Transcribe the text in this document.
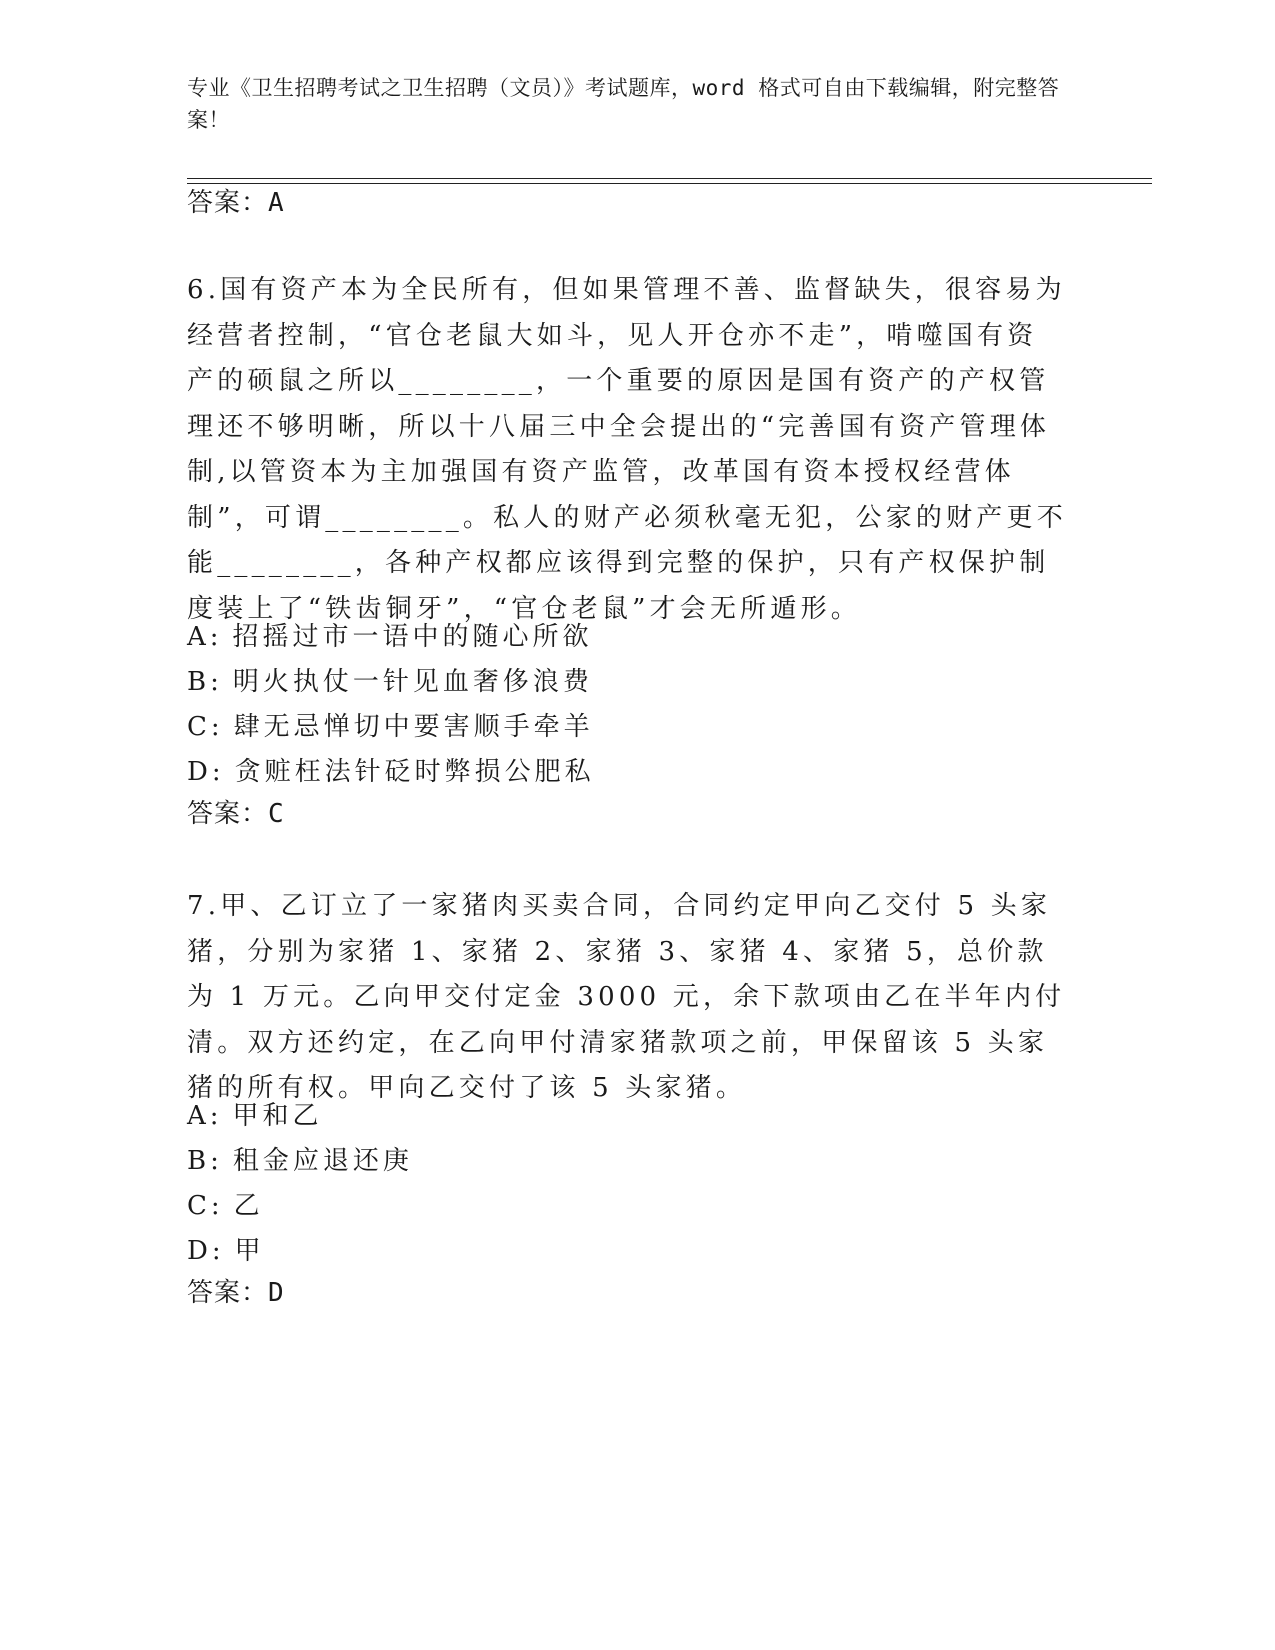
专业《卫生招聘考试之卫生招聘（文员）》考试题库，word 格式可自由下载编辑，附完整答案！
答案：A

6.国有资产本为全民所有，但如果管理不善、监督缺失，很容易为经营者控制，“官仓老鼠大如斗，见人开仓亦不走”，啃噬国有资产的硕鼠之所以________，一个重要的原因是国有资产的产权管理还不够明晰，所以十八届三中全会提出的“完善国有资产管理体制,以管资本为主加强国有资产监管，改革国有资本授权经营体制”，可谓________。私人的财产必须秋毫无犯，公家的财产更不能________，各种产权都应该得到完整的保护，只有产权保护制度装上了“铁齿铜牙”，“官仓老鼠”才会无所遁形。

A: 招摇过市一语中的随心所欲
B: 明火执仗一针见血奢侈浪费
C: 肆无忌惮切中要害顺手牵羊
D: 贪赃枉法针砭时弊损公肥私
答案：C

7.甲、乙订立了一家猪肉买卖合同，合同约定甲向乙交付 5 头家猪，分别为家猪 1、家猪 2、家猪 3、家猪 4、家猪 5，总价款为 1 万元。乙向甲交付定金 3000 元，余下款项由乙在半年内付清。双方还约定，在乙向甲付清家猪款项之前，甲保留该 5 头家猪的所有权。甲向乙交付了该 5 头家猪。

A: 甲和乙
B: 租金应退还庚
C: 乙
D: 甲
答案：D
